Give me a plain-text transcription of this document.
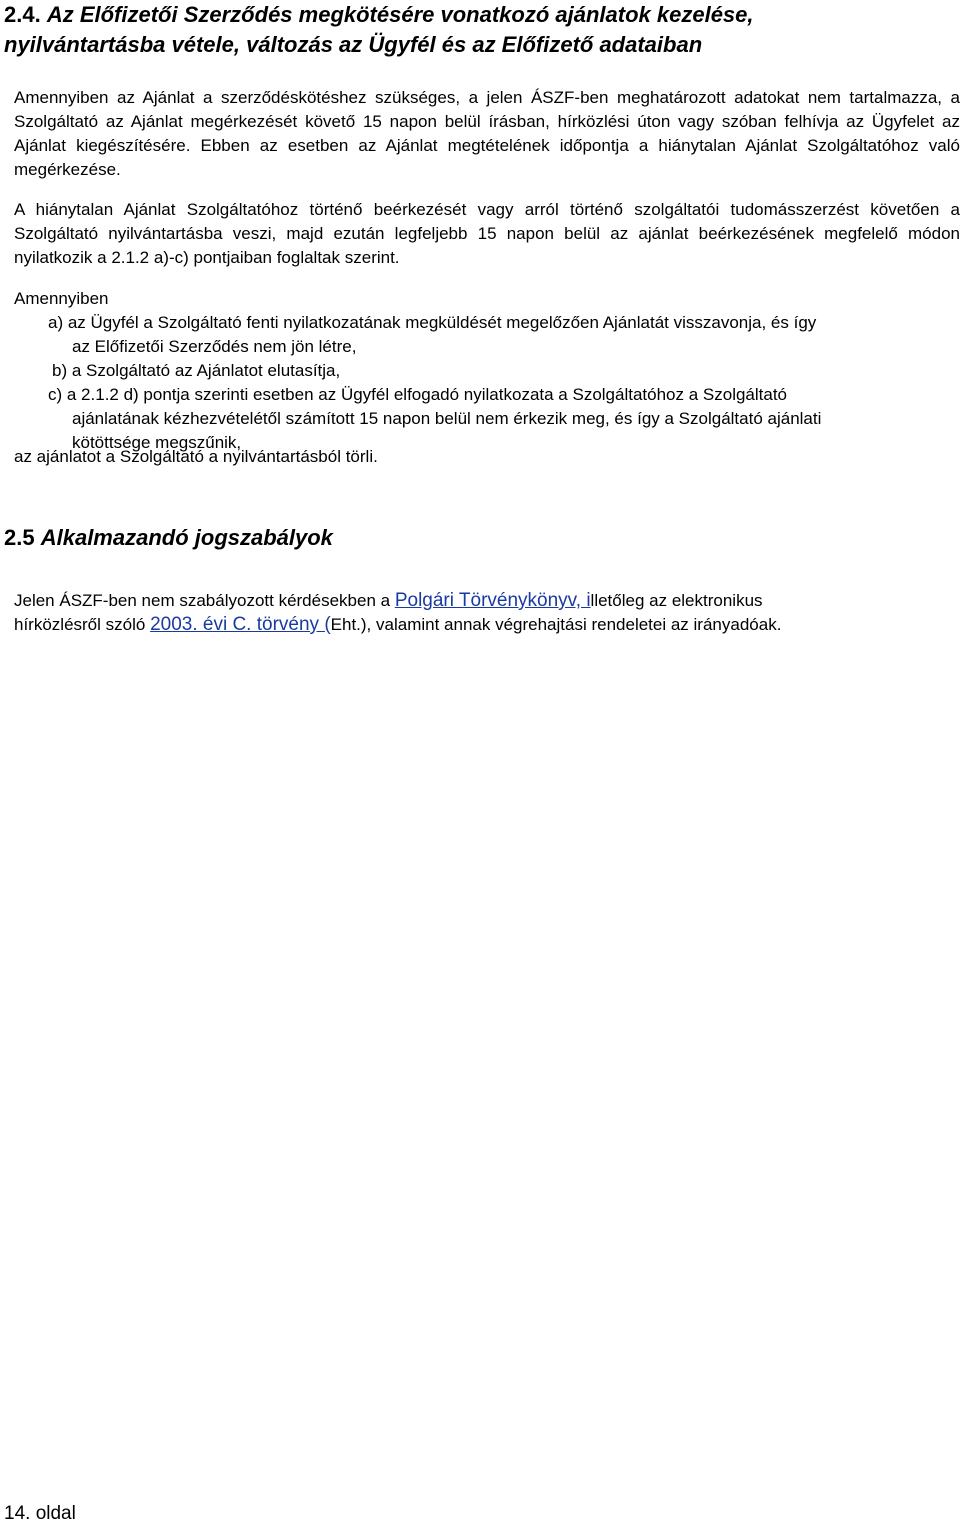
2.4. Az Előfizetői Szerződés megkötésére vonatkozó ajánlatok kezelése,
nyilvántartásba vétele, változás az Ügyfél és az Előfizető adataiban
Amennyiben az Ajánlat a szerződéskötéshez szükséges, a jelen ÁSZF-ben meghatározott adatokat nem tartalmazza, a Szolgáltató az Ajánlat megérkezését követő 15 napon belül írásban, hírközlési úton vagy szóban felhívja az Ügyfelet az Ajánlat kiegészítésére. Ebben az esetben az Ajánlat megtételének időpontja a hiánytalan Ajánlat Szolgáltatóhoz való megérkezése.
A hiánytalan Ajánlat Szolgáltatóhoz történő beérkezését vagy arról történő szolgáltatói tudomásszerzést követően a Szolgáltató nyilvántartásba veszi, majd ezután legfeljebb 15 napon belül az ajánlat beérkezésének megfelelő módon nyilatkozik a 2.1.2 a)-c) pontjaiban foglaltak szerint.
Amennyiben
a) az Ügyfél a Szolgáltató fenti nyilatkozatának megküldését megelőzően Ajánlatát visszavonja, és így
az Előfizetői Szerződés nem jön létre,
b) a Szolgáltató az Ajánlatot elutasítja,
c) a 2.1.2 d) pontja szerinti esetben az Ügyfél elfogadó nyilatkozata a Szolgáltatóhoz a Szolgáltató
ajánlatának kézhezvételétől számított 15 napon belül nem érkezik meg, és így a Szolgáltató ajánlati
kötöttsége megszűnik,
az ajánlatot a Szolgáltató a nyilvántartásból törli.
2.5 Alkalmazandó jogszabályok
Jelen ÁSZF-ben nem szabályozott kérdésekben a Polgári Törvénykönyv, illetőleg az elektronikus
hírközlésről szóló 2003. évi C. törvény (Eht.), valamint annak végrehajtási rendeletei az irányadóak.
14. oldal
